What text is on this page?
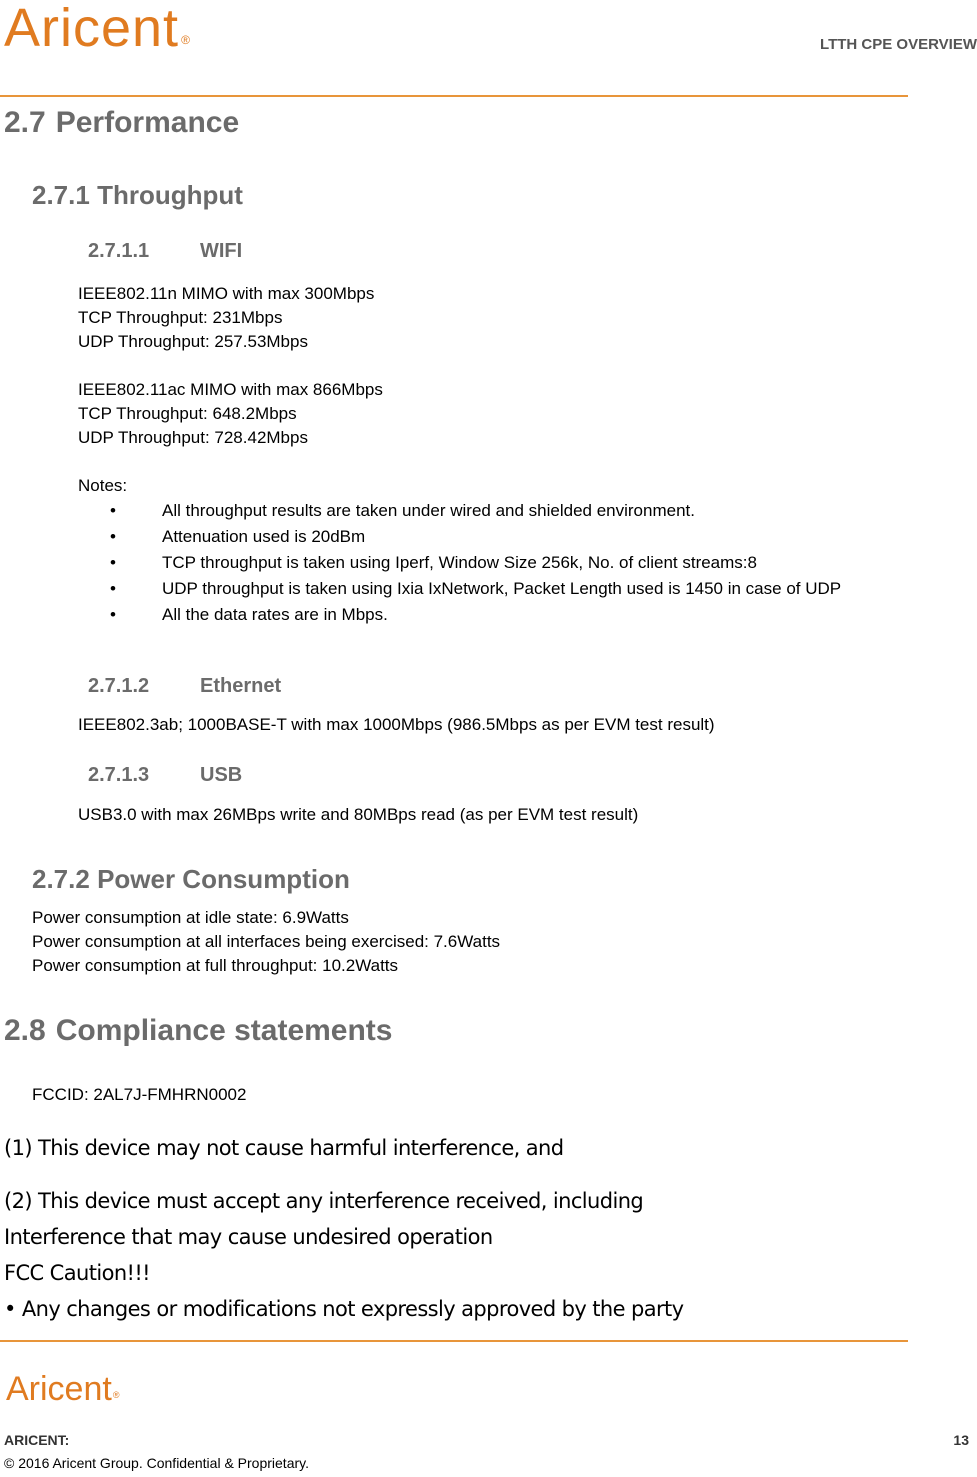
Aricent ®	LTTH CPE OVERVIEW
2.7 Performance
2.7.1 Throughput
2.7.1.1	WIFI
IEEE802.11n MIMO with max 300Mbps
TCP Throughput: 231Mbps
UDP Throughput: 257.53Mbps
IEEE802.11ac MIMO with max 866Mbps
TCP Throughput: 648.2Mbps
UDP Throughput: 728.42Mbps
Notes:
• All throughput results are taken under wired and shielded environment.
• Attenuation used is 20dBm
• TCP throughput is taken using Iperf, Window Size 256k, No. of client streams:8
• UDP throughput is taken using Ixia IxNetwork, Packet Length used is 1450 in case of UDP
• All the data rates are in Mbps.
2.7.1.2	Ethernet
IEEE802.3ab; 1000BASE-T with max 1000Mbps (986.5Mbps as per EVM test result)
2.7.1.3	USB
USB3.0 with max 26MBps write and 80MBps read (as per EVM test result)
2.7.2 Power Consumption
Power consumption at idle state: 6.9Watts
Power consumption at all interfaces being exercised: 7.6Watts
Power consumption at full throughput: 10.2Watts
2.8 Compliance statements
FCCID: 2AL7J-FMHRN0002
(1) This device may not cause harmful interference, and
(2) This device must accept any interference received, including
Interference that may cause undesired operation
FCC Caution!!!
• Any changes or modifications not expressly approved by the party
Aricent®
ARICENT:	13
© 2016 Aricent Group. Confidential & Proprietary.
